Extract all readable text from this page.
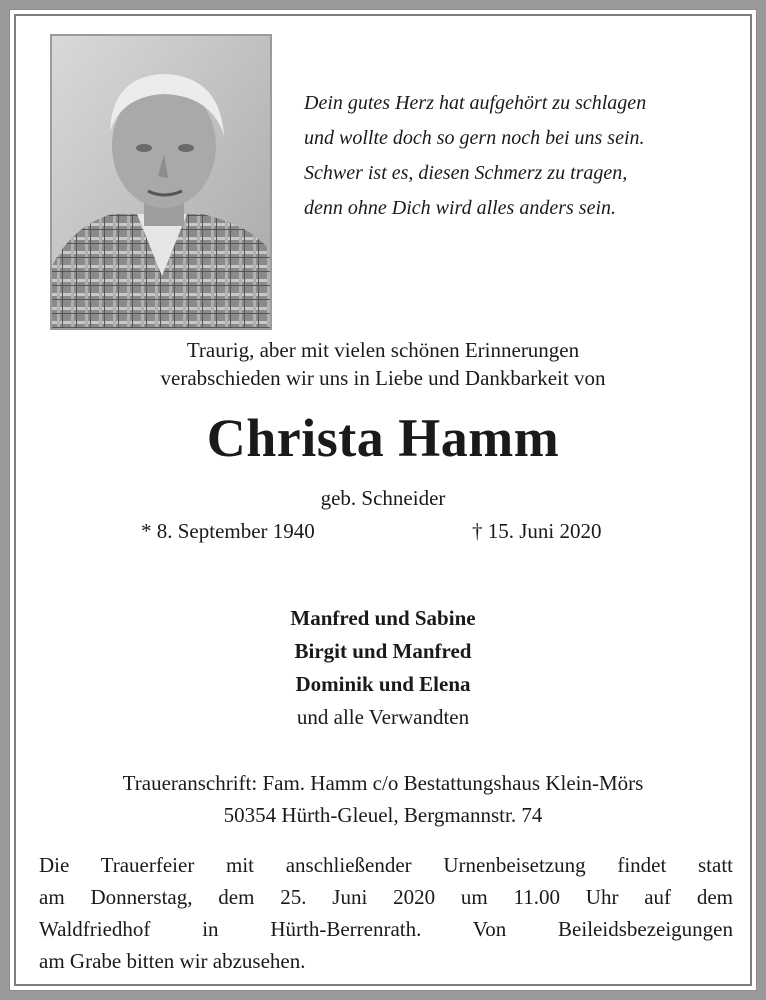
Dein gutes Herz hat aufgehört zu schlagen
und wollte doch so gern noch bei uns sein.
Schwer ist es, diesen Schmerz zu tragen,
denn ohne Dich wird alles anders sein.
Traurig, aber mit vielen schönen Erinnerungen
verabschieden wir uns in Liebe und Dankbarkeit von
Christa Hamm
geb. Schneider
* 8. September 1940	† 15. Juni 2020
Manfred und Sabine
Birgit und Manfred
Dominik und Elena
und alle Verwandten
Traueranschrift: Fam. Hamm c/o Bestattungshaus Klein-Mörs
50354 Hürth-Gleuel, Bergmannstr. 74
Die Trauerfeier mit anschließender Urnenbeisetzung findet statt
am Donnerstag, dem 25. Juni 2020 um 11.00 Uhr auf dem
Waldfriedhof in Hürth-Berrenrath. Von Beileidsbezeigungen
am Grabe bitten wir abzusehen.
